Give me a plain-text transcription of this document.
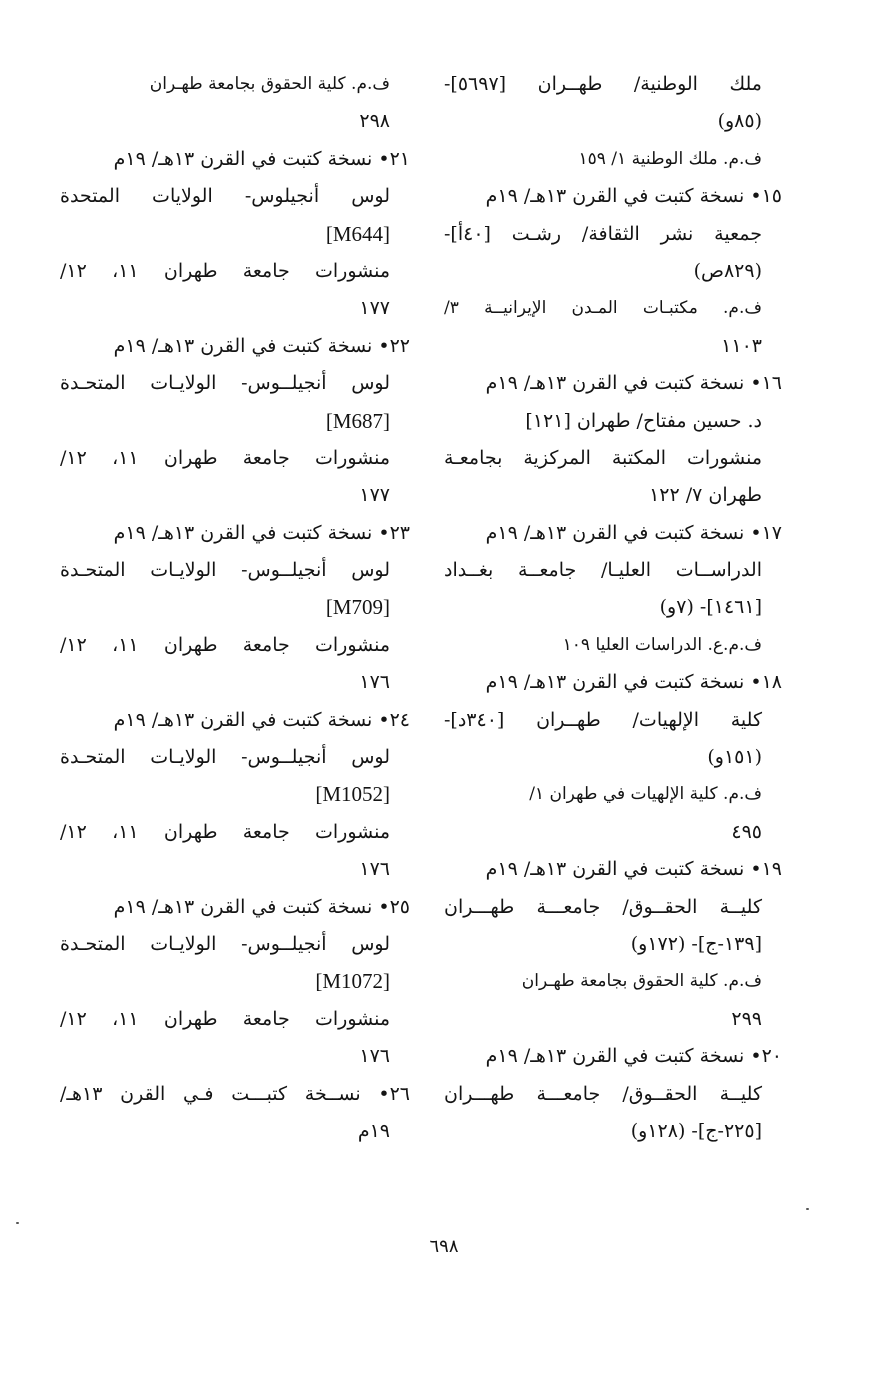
ملك الوطنية/ طهــران [٥٦٩٧]-
(٨٥و)
ف.م. ملك الوطنية ١/ ١٥٩
١٥• نسخة كتبت في القرن ١٣هـ/ ١٩م
جمعية نشر الثقافة/ رشـت [٤٠أ]-
(٨٢٩ص)
ف.م. مكتبـات المـدن الإيرانيــة ٣/
١١٠٣
١٦• نسخة كتبت في القرن ١٣هـ/ ١٩م
د. حسين مفتاح/ طهران [١٢١]
منشورات المكتبة المركزية بجامعـة
طهران ٧/ ١٢٢
١٧• نسخة كتبت في القرن ١٣هـ/ ١٩م
الدراســات العليـا/ جامعــة بغــداد
[١٤٦١]- (٧و)
ف.م.ع. الدراسات العليا ١٠٩
١٨• نسخة كتبت في القرن ١٣هـ/ ١٩م
كلية الإلهيات/ طهــران [٣٤٠د]-
(١٥١و)
ف.م. كلية الإلهيات في طهران ١/
٤٩٥
١٩• نسخة كتبت في القرن ١٣هـ/ ١٩م
كليــة الحقــوق/ جامعـــة طهـــران
[١٣٩-ج]- (١٧٢و)
ف.م. كلية الحقوق بجامعة طهـران
٢٩٩
٢٠• نسخة كتبت في القرن ١٣هـ/ ١٩م
كليــة الحقــوق/ جامعـــة طهـــران
[٢٢٥-ج]- (١٢٨و)
ف.م. كلية الحقوق بجامعة طهـران
٢٩٨
٢١• نسخة كتبت في القرن ١٣هـ/ ١٩م
لوس أنجيلوس- الولايات المتحدة
[M644]
منشورات جامعة طهران ١١، ١٢/
١٧٧
٢٢• نسخة كتبت في القرن ١٣هـ/ ١٩م
لوس أنجيلــوس- الولايـات المتحـدة
[M687]
منشورات جامعة طهران ١١، ١٢/
١٧٧
٢٣• نسخة كتبت في القرن ١٣هـ/ ١٩م
لوس أنجيلــوس- الولايـات المتحـدة
[M709]
منشورات جامعة طهران ١١، ١٢/
١٧٦
٢٤• نسخة كتبت في القرن ١٣هـ/ ١٩م
لوس أنجيلــوس- الولايـات المتحـدة
[M1052]
منشورات جامعة طهران ١١، ١٢/
١٧٦
٢٥• نسخة كتبت في القرن ١٣هـ/ ١٩م
لوس أنجيلــوس- الولايـات المتحـدة
[M1072]
منشورات جامعة طهران ١١، ١٢/
١٧٦
٢٦• نســخة كتبـــت فـي القرن ١٣هـ/
١٩م
٦٩٨
